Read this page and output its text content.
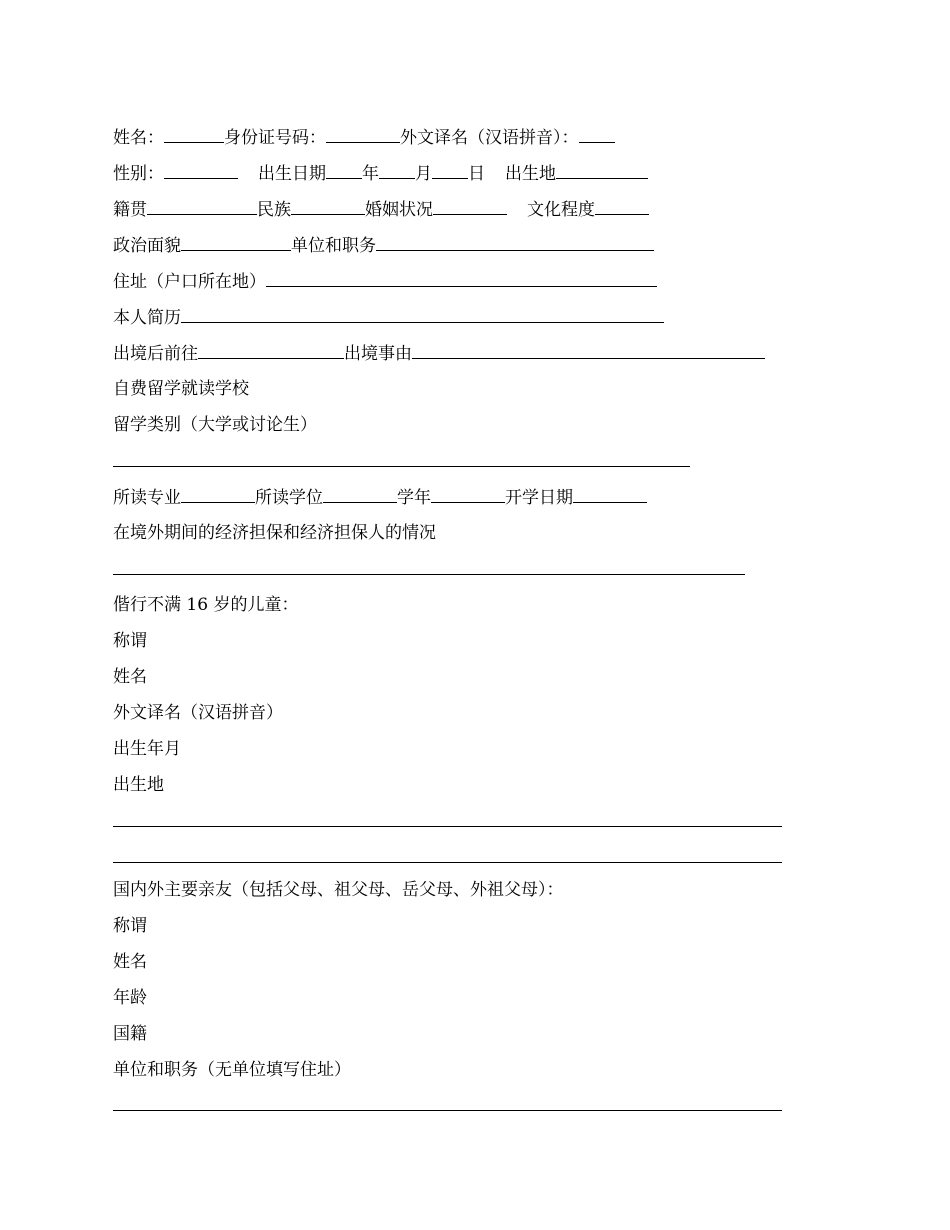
姓名：	身份证号码：	外文译名（汉语拼音）：
性别：	出生日期 年 月 日 出生地
籍贯	民族	婚姻状况	文化程度
政治面貌	单位和职务
住址（户口所在地）
本人简历
出境后前往	出境事由
自费留学就读学校
留学类别（大学或讨论生）
所读专业	所读学位	学年	开学日期
在境外期间的经济担保和经济担保人的情况
偕行不满 16 岁的儿童：
称谓
姓名
外文译名（汉语拼音）
出生年月
出生地
国内外主要亲友（包括父母、祖父母、岳父母、外祖父母）：
称谓
姓名
年龄
国籍
单位和职务（无单位填写住址）
